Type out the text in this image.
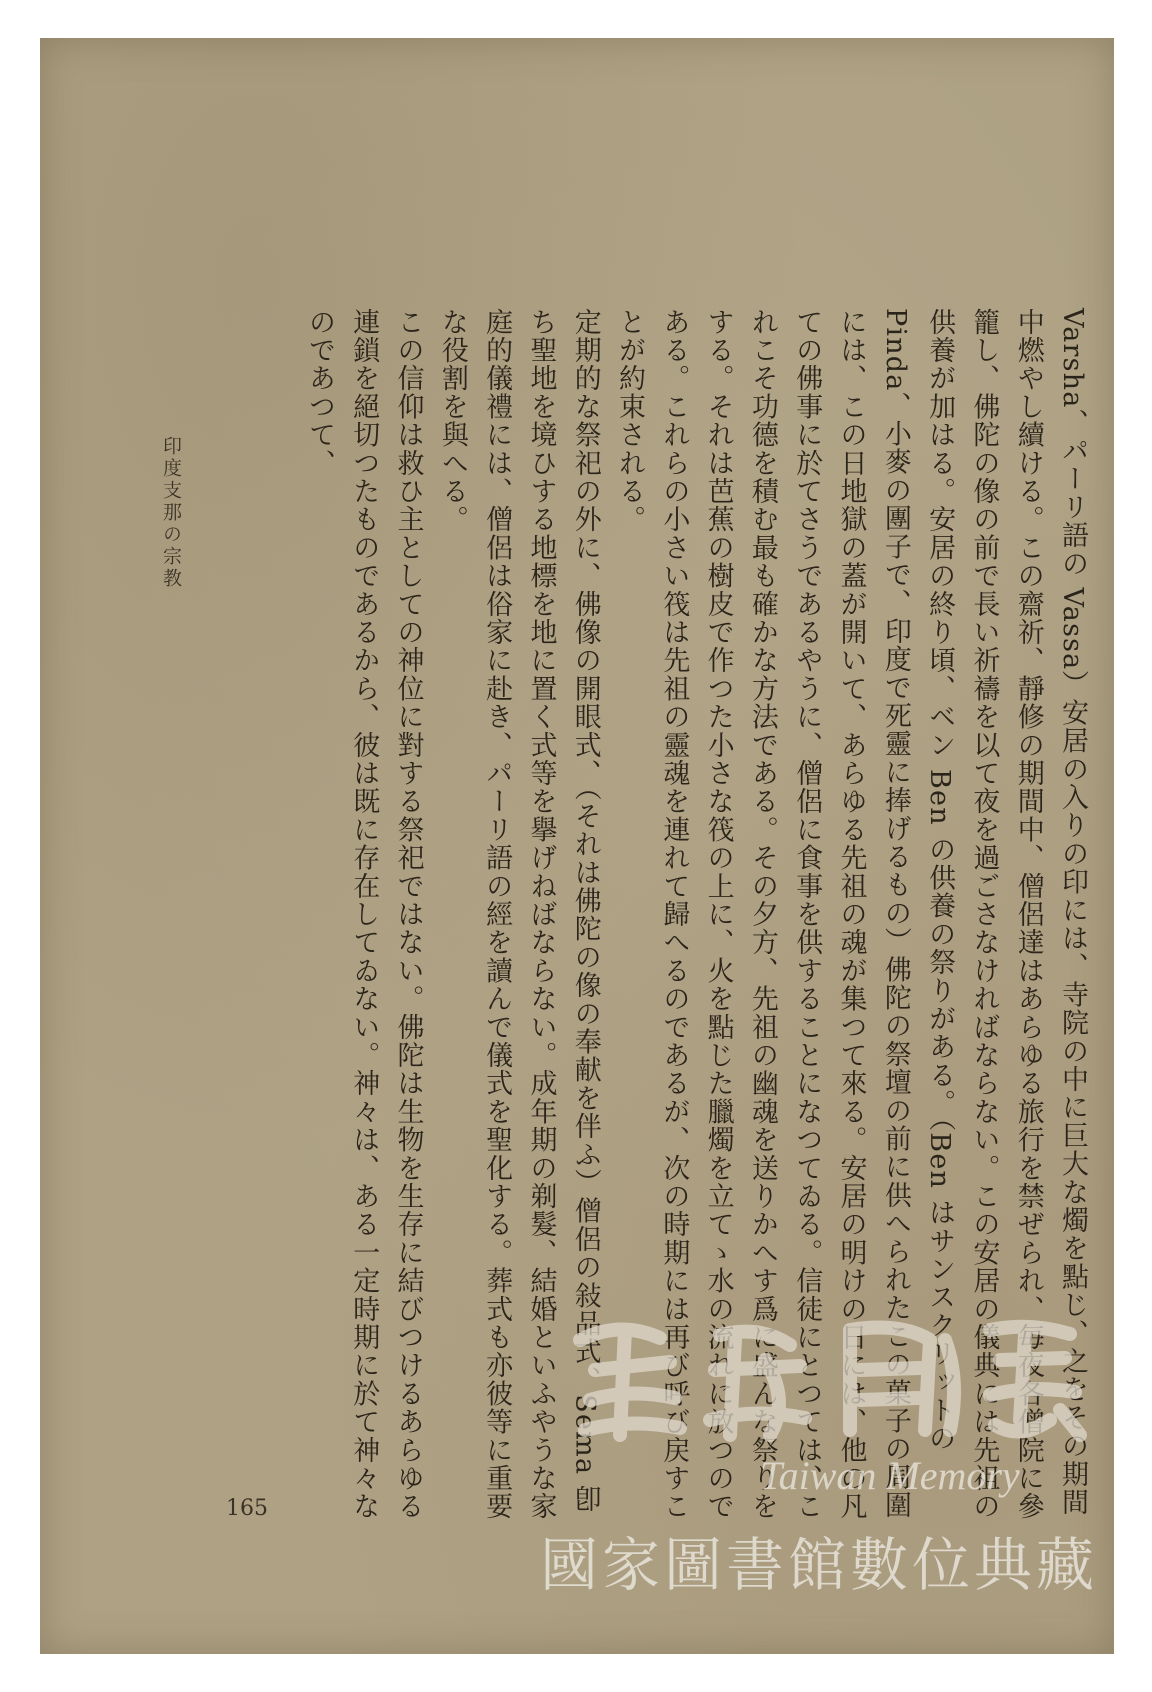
Varsha、パーリ語の Vassa）安居の入りの印には、寺院の中に巨大な燭を點じ、之をその期間中燃やし續ける。この齋祈、靜修の期間中、僧侶達はあらゆる旅行を禁ぜられ、毎夜各僧院に參籠し、佛陀の像の前で長い祈禱を以て夜を過ごさなければならない。この安居の儀典には先祖の供養が加はる。安居の終り頃、ベン Ben の供養の祭りがある。（Ben はサンスクリットの Pinda、小麥の團子で、印度で死靈に捧げるもの）佛陀の祭壇の前に供へられたこの菓子の周圍には、この日地獄の蓋が開いて、あらゆる先祖の魂が集つて來る。安居の明けの日には、他の凡ての佛事に於てさうであるやうに、僧侶に食事を供することになつてゐる。信徒にとつては、これこそ功德を積む最も確かな方法である。その夕方、先祖の幽魂を送りかへす爲に盛んな祭りをする。それは芭蕉の樹皮で作つた小さな筏の上に、火を點じた臘燭を立てゝ水の流れに放つのである。これらの小さい筏は先祖の靈魂を連れて歸へるのであるが、次の時期には再び呼び戻すことが約束される。

定期的な祭祀の外に、佛像の開眼式、（それは佛陀の像の奉献を伴ふ）僧侶の敍品式、Sema 卽ち聖地を境ひする地標を地に置く式等を擧げねばならない。成年期の剃髮、結婚といふやうな家庭的儀禮には、僧侶は俗家に赴き、パーリ語の經を讀んで儀式を聖化する。葬式も亦彼等に重要な役割を與へる。

この信仰は救ひ主としての神位に對する祭祀ではない。佛陀は生物を生存に結びつけるあらゆる連鎖を絕切つたものであるから、彼は既に存在してゐない。神々は、ある一定時期に於て神々なのであつて、

印度支那の宗教
165
Taiwan Memory
國家圖書館數位典藏
